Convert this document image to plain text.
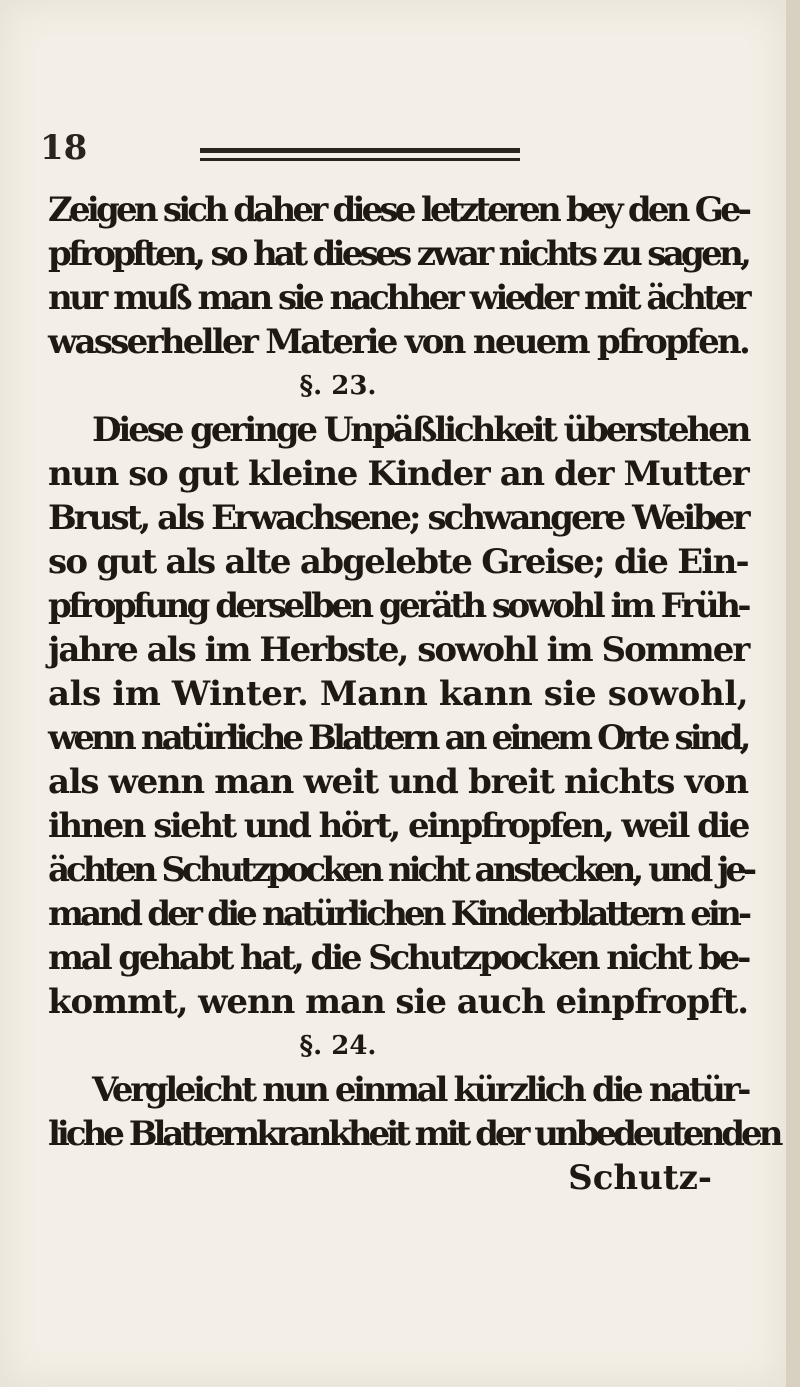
18
Zeigen sich daher diese letzteren bey den Ge-
pfropften, so hat dieses zwar nichts zu sagen,
nur muß man sie nachher wieder mit ächter
wasserheller Materie von neuem pfropfen.
§. 23.
Diese geringe Unpäßlichkeit überstehen
nun so gut kleine Kinder an der Mutter
Brust, als Erwachsene; schwangere Weiber
so gut als alte abgelebte Greise; die Ein-
pfropfung derselben geräth sowohl im Früh-
jahre als im Herbste, sowohl im Sommer
als im Winter. Mann kann sie sowohl,
wenn natürliche Blattern an einem Orte sind,
als wenn man weit und breit nichts von
ihnen sieht und hört, einpfropfen, weil die
ächten Schutzpocken nicht anstecken, und je-
mand der die natürlichen Kinderblattern ein-
mal gehabt hat, die Schutzpocken nicht be-
kommt, wenn man sie auch einpfropft.
§. 24.
Vergleicht nun einmal kürzlich die natür-
liche Blatternkrankheit mit der unbedeutenden
Schutz-
